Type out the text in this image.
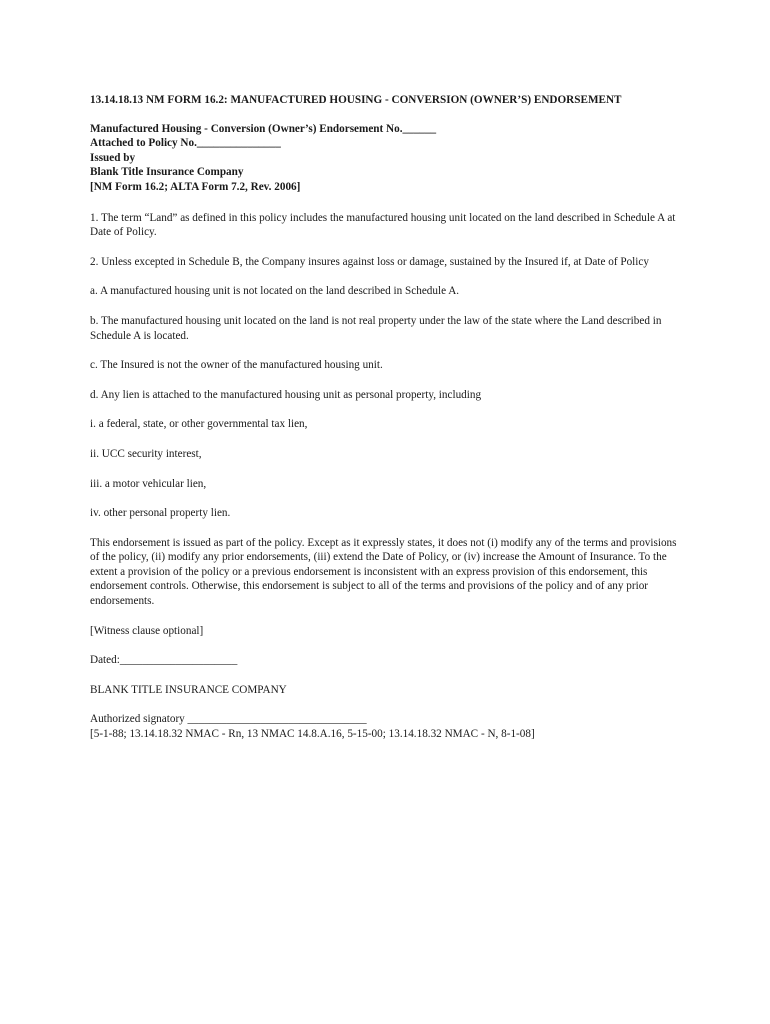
13.14.18.13 NM FORM 16.2: MANUFACTURED HOUSING - CONVERSION (OWNER’S) ENDORSEMENT
Manufactured Housing - Conversion (Owner’s) Endorsement No.______
Attached to Policy No._______________
Issued by
Blank Title Insurance Company
[NM Form 16.2; ALTA Form 7.2, Rev. 2006]

1. The term “Land” as defined in this policy includes the manufactured housing unit located on the land described in Schedule A at Date of Policy.

2. Unless excepted in Schedule B, the Company insures against loss or damage, sustained by the Insured if, at Date of Policy

a. A manufactured housing unit is not located on the land described in Schedule A.

b. The manufactured housing unit located on the land is not real property under the law of the state where the Land described in Schedule A is located.

c. The Insured is not the owner of the manufactured housing unit.

d. Any lien is attached to the manufactured housing unit as personal property, including

i. a federal, state, or other governmental tax lien,

ii. UCC security interest,

iii. a motor vehicular lien,

iv. other personal property lien.

This endorsement is issued as part of the policy. Except as it expressly states, it does not (i) modify any of the terms and provisions of the policy, (ii) modify any prior endorsements, (iii) extend the Date of Policy, or (iv) increase the Amount of Insurance. To the extent a provision of the policy or a previous endorsement is inconsistent with an express provision of this endorsement, this endorsement controls. Otherwise, this endorsement is subject to all of the terms and provisions of the policy and of any prior endorsements.

[Witness clause optional]

Dated:_____________________

BLANK TITLE INSURANCE COMPANY

Authorized signatory ________________________________
[5-1-88; 13.14.18.32 NMAC - Rn, 13 NMAC 14.8.A.16, 5-15-00; 13.14.18.32 NMAC - N, 8-1-08]
